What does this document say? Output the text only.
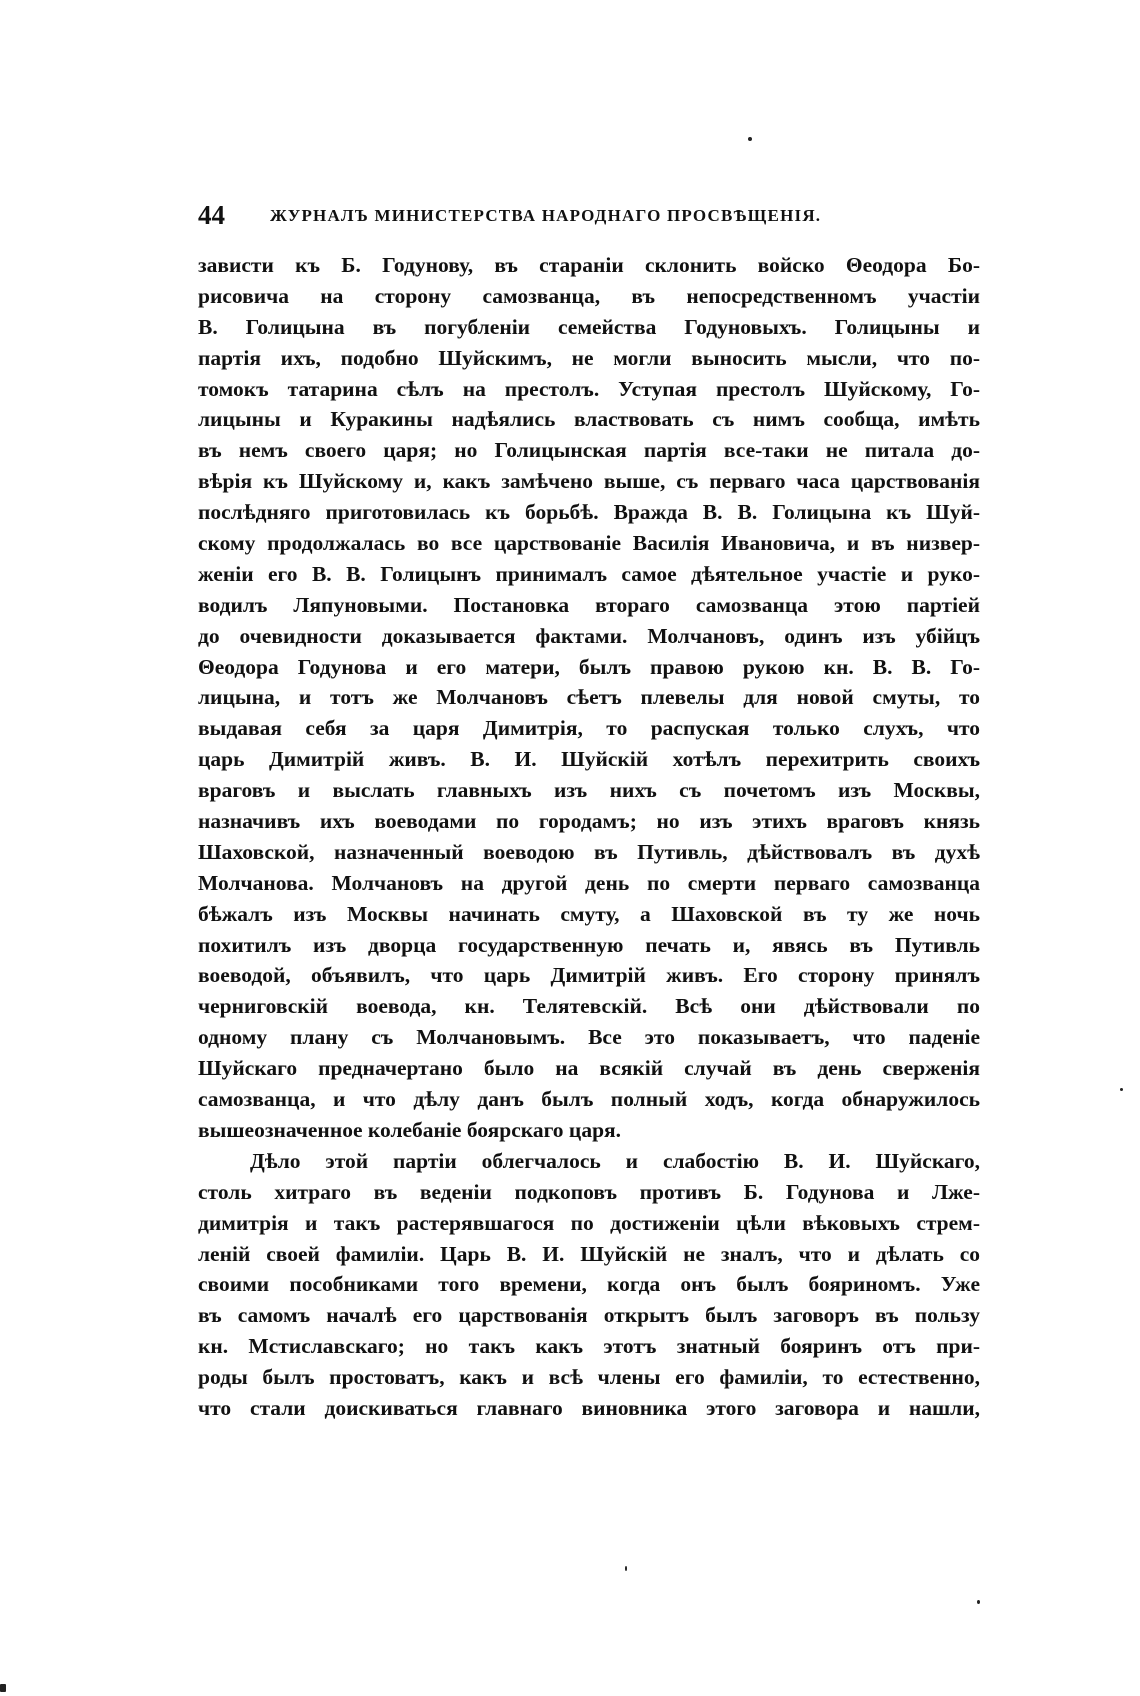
44	ЖУРНАЛЪ МИНИСТЕРСТВА НАРОДНАГО ПРОСВѢЩЕНІЯ.
зависти къ Б. Годунову, въ стараніи склонить войско Θеодора Бо-
рисовича на сторону самозванца, въ непосредственномъ участіи
В. Голицына въ погубленіи семейства Годуновыхъ. Голицыны и
партія ихъ, подобно Шуйскимъ, не могли выносить мысли, что по-
томокъ татарина сѣлъ на престолъ. Уступая престолъ Шуйскому, Го-
лицыны и Куракины надѣялись властвовать съ нимъ сообща, имѣть
въ немъ своего царя; но Голицынская партія все-таки не питала до-
вѣрія къ Шуйскому и, какъ замѣчено выше, съ перваго часа царствованія
послѣдняго приготовилась къ борьбѣ. Вражда В. В. Голицына къ Шуй-
скому продолжалась во все царствованіе Василія Ивановича, и въ низвер-
женіи его В. В. Голицынъ принималъ самое дѣятельное участіе и руко-
водилъ Ляпуновыми. Постановка втораго самозванца этою партіей
до очевидности доказывается фактами. Молчановъ, одинъ изъ убійцъ
Θеодора Годунова и его матери, былъ правою рукою кн. В. В. Го-
лицына, и тотъ же Молчановъ сѣетъ плевелы для новой смуты, то
выдавая себя за царя Димитрія, то распуская только слухъ, что
царь Димитрій живъ. В. И. Шуйскій хотѣлъ перехитрить своихъ
враговъ и выслать главныхъ изъ нихъ съ почетомъ изъ Москвы,
назначивъ ихъ воеводами по городамъ; но изъ этихъ враговъ князь
Шаховской, назначенный воеводою въ Путивль, дѣйствовалъ въ духѣ
Молчанова. Молчановъ на другой день по смерти перваго самозванца
бѣжалъ изъ Москвы начинать смуту, а Шаховской въ ту же ночь
похитилъ изъ дворца государственную печать и, явясь въ Путивль
воеводой, объявилъ, что царь Димитрій живъ. Его сторону принялъ
черниговскій воевода, кн. Телятевскій. Всѣ они дѣйствовали по
одному плану съ Молчановымъ. Все это показываетъ, что паденіе
Шуйскаго предначертано было на всякій случай въ день сверженія
самозванца, и что дѣлу данъ былъ полный ходъ, когда обнаружилось
вышеозначенное колебаніе боярскаго царя.
Дѣло этой партіи облегчалось и слабостію В. И. Шуйскаго,
столь хитраго въ веденіи подкоповъ противъ Б. Годунова и Лже-
димитрія и такъ растерявшагося по достиженіи цѣли вѣковыхъ стрем-
леній своей фамиліи. Царь В. И. Шуйскій не зналъ, что и дѣлать со
своими пособниками того времени, когда онъ былъ бояриномъ. Уже
въ самомъ началѣ его царствованія открытъ былъ заговоръ въ пользу
кн. Мстиславскаго; но такъ какъ этотъ знатный бояринъ отъ при-
роды былъ простоватъ, какъ и всѣ члены его фамиліи, то естественно,
что стали доискиваться главнаго виновника этого заговора и нашли,
